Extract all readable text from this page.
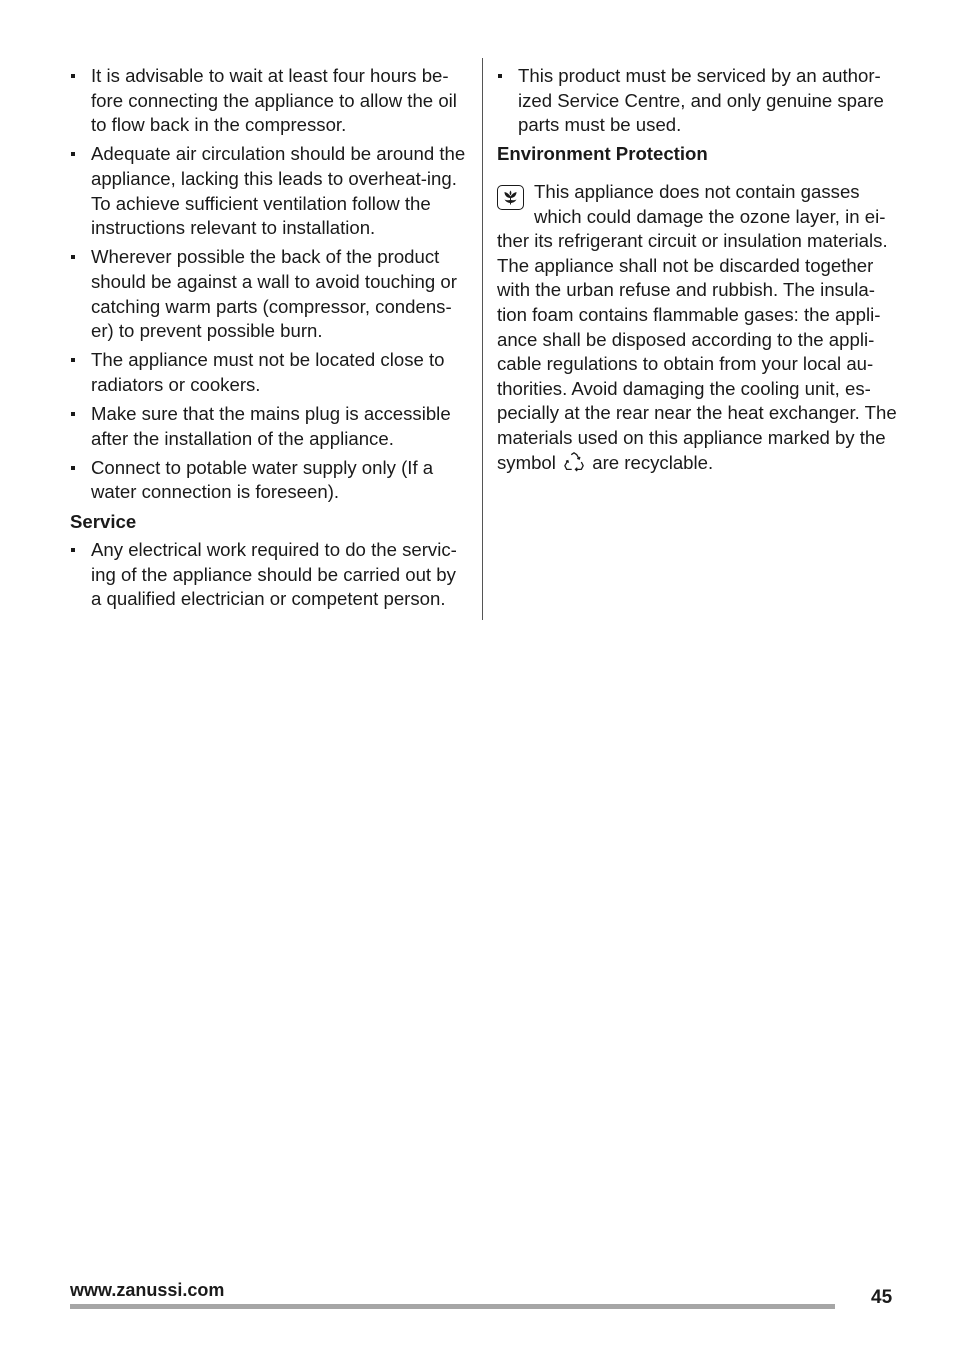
It is advisable to wait at least four hours be-fore connecting the appliance to allow the oil to flow back in the compressor.
Adequate air circulation should be around the appliance, lacking this leads to overheat-ing. To achieve sufficient ventilation follow the instructions relevant to installation.
Wherever possible the back of the product should be against a wall to avoid touching or catching warm parts (compressor, condens-er) to prevent possible burn.
The appliance must not be located close to radiators or cookers.
Make sure that the mains plug is accessible after the installation of the appliance.
Connect to potable water supply only (If a water connection is foreseen).
Service
Any electrical work required to do the servic-ing of the appliance should be carried out by a qualified electrician or competent person.
This product must be serviced by an author-ized Service Centre, and only genuine spare parts must be used.
Environment Protection

This appliance does not contain gasses which could damage the ozone layer, in ei-ther its refrigerant circuit or insulation materials. The appliance shall not be discarded together with the urban refuse and rubbish. The insula-tion foam contains flammable gases: the appli-ance shall be disposed according to the appli-cable regulations to obtain from your local au-thorities. Avoid damaging the cooling unit, es-pecially at the rear near the heat exchanger. The materials used on this appliance marked by the symbol are recyclable.

www.zanussi.com	45
